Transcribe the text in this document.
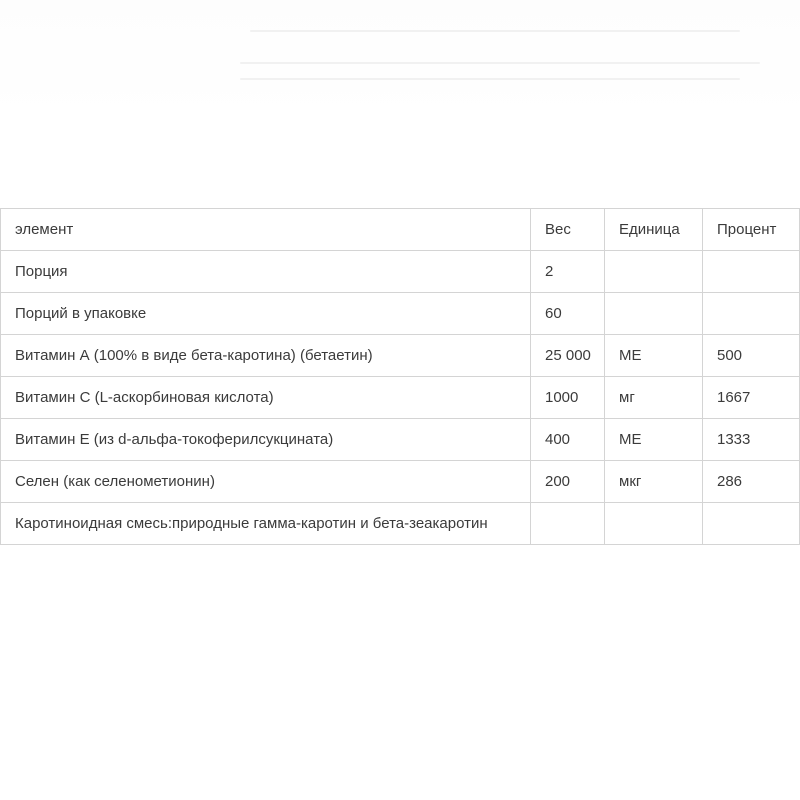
элемент	Вес	Единица	Процент
Порция	2		
Порций в упаковке	60		
Витамин А (100% в виде бета-каротина) (бетаетин)	25 000	МЕ	500
Витамин С (L-аскорбиновая кислота)	1000	мг	1667
Витамин Е (из d-альфа-токоферилсукцината)	400	МЕ	1333
Селен (как селенометионин)	200	мкг	286
Каротиноидная смесь:природные гамма-каротин и бета-зеакаротин			
